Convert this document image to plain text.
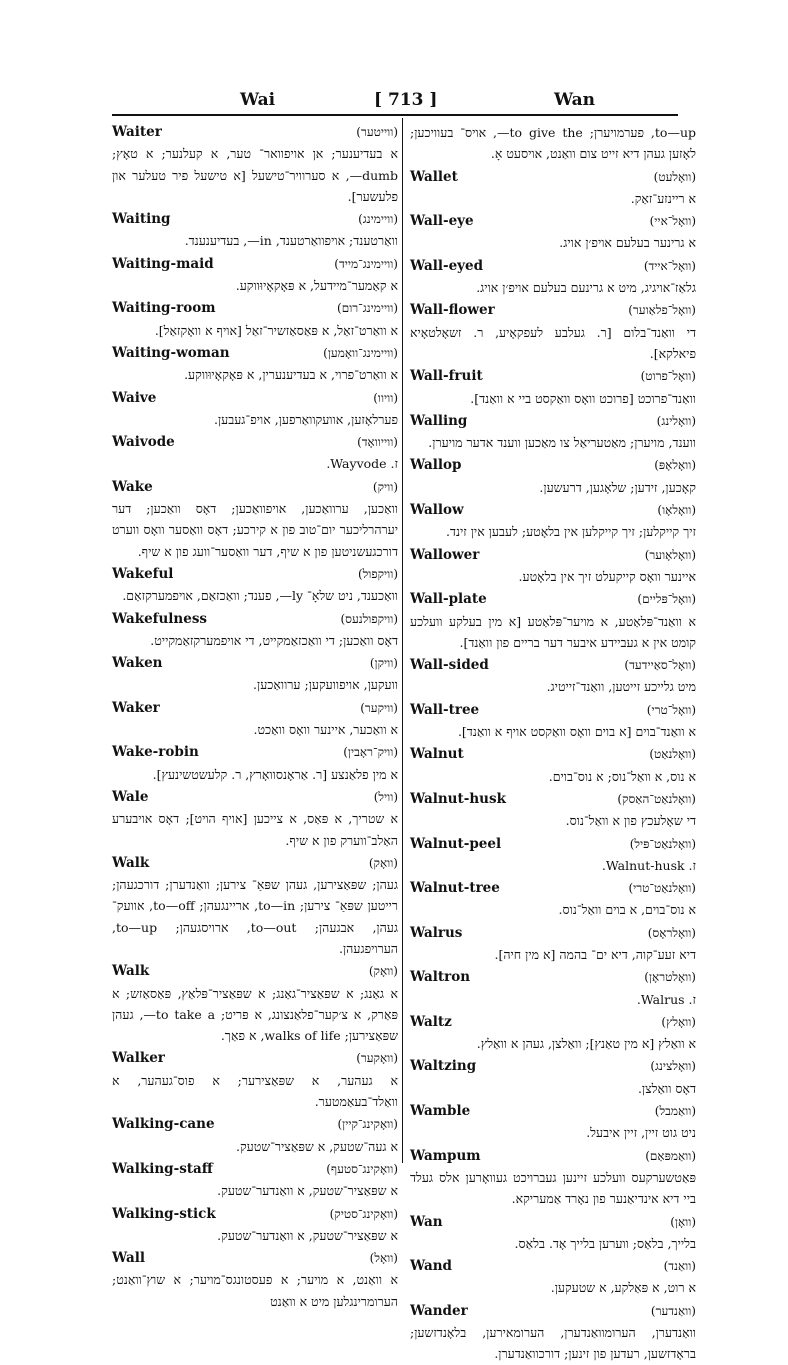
Wai	[ 713 ]	Wan
Waiter	(ווייטער)
א בעדיענער; אן אויפוואר־ טער, א קעלנער; א טאָץ; dumb—, א סערוויר־טישעל [א טישעל פיר טעלער און פלעשער].
Waiting	(וויימינג)
וואַרטענד; אויפוואַרטענד, in—, בעדיענענד.
Waiting-maid	(וויימינג־מייד)
א קאַמער־מיידעל, א פּאָקאָיוּווקע.
Waiting-room	(וויימינג־רום)
א וואַרט־זאַל, א פּאַסאַזשיר־זאַל [אויף א וואָקזאַל].
Waiting-woman	(וויימינג־וואָמען)
א וואַרט־פרוי, א בעדיענערין, א פּאָקאָיוּווקע.
Waive	(וויוו)
פערלאָזען, אוועקוואַרפען, אויפ־געבען.
Waivode	(ווייוואָד)
ז. Wayvode.
Wake	(וויק)
וואַכען, ערוואַכען, אויפוואַכען; דאָס וואַכען; דער יערהרליכער יום־טוב פון א קירכע; דאָס וואַסער וואָס ווערט דורכגעשניטען פון א שיף, דער וואַסער־וועג פון א שיף.
Wakeful	(וויקפול)
וואַכענד, ניט שלאָ־ ly—, פענד; וואַכזאַם, אויפמערקזאַם.
Wakefulness	(וויקפולנעס)
דאָס וואַכען; די וואַכזאַמקייט, די אויפמערקזאַמקייט.
Waken	(וויקן)
וועקען, אויפוועקען; ערוואַכען.
Waker	(וויקער)
א וואַכער, איינער וואָס וואַכט.
Wake-robin	(וויק־ראָבין)
א מין פלאַנצע [ר. אַראָנסוואָרץ, ר. קלעשטשינעץ].
Wale	(וויל)
א שטריך, א פּאַס, א צייכען [אויף הויט]; דאָס אויבערע האַלב־ווערק פון א שיף.
Walk	(וואָק)
געהן; שפּאַצירען, געהן שפּאַ־ צירען; וואַנדערן; דורכגעהן; רייטען שפּאַ־ צירען; to—in, אריינגעהן; to—off, אוועק־ געהן, אבגעהן; to—out, ארויסגעהן; to—up, הערויפגעהן.
Walk	(וואָק)
א גאַנג; א שפּאַציר־גאַנג; א שפּאַציר־פּלאַץ, פּאַסאַזש; א פּאַרק, א צ׳קער־פלאַנצונג, א פּריט; to take a—, געהן שפּאַצירען; walks of life, א פאַך.
Walker	(וואָקער)
א געהער, א שפּאַצירער; א פוס־געהער, א וואַלד־בעאַמטער.
Walking-cane	(וואָקינג־קיין)
א געה־שטעק, א שפּאַציר־שטעק.
Walking-staff	(וואָקינג־סטעף)
א שפּאַציר־שטעק, א וואַנדער־שטעק.
Walking-stick	(וואָקינג־סטיק)
א שפּאַציר־שטעק, א וואַנדער־שטעק.
Wall	(וואָל)
א וואַנט, א מויער; א פעסטונגס־מויער; א שוץ־וואַנט; הערומרינגלען מיט א וואַנט
to—up, פערמויערן; to give the—, אויס־ בעוויכען; לאָזען געהן דיא זייט צום וואַנט, אויסעט אָ.
Wallet	(וואָלעט)
א ריינזע־זאַק.
Wall-eye	(וואָל־איי)
א גרינער בעלעם אויפ׳ן אויג.
Wall-eyed	(וואָל־אייד)
גלאַז־אויגיג, מיט א גרינעם בעלעם אויפ׳ן אויג.
Wall-flower	(וואָל־פלאַוער)
די וואַנד־בלום [ר. געלבע לעפקאָיע, ר. זשאָלטאָיא פיאלקא].
Wall-fruit	(וואָל־פרוט)
וואַנד־פרוכט [פרוכט וואָס וואַקסט ביי א וואַנד].
Walling	(וואָלינג)
ווענד, מויערן; מאַטעריאַל צו מאַכען ווענד אדער מויערן.
Wallop	(וואָלאָפּ)
קאָכען, זידען; שלאָגען, דרעשען.
Wallow	(וואָלאָו)
זיך קייקלען; זיך קייקלען אין בלאָטע; לעבען אין זינד.
Wallower	(וואָלאָוער)
איינער וואָס קייקעלט זיך אין בלאָטע.
Wall-plate	(וואָל־פּליים)
א וואַנד־פּלאַטע, א מויער־פּלאַטע [א מין בעלקע וועלכע קומט אין א געביידע איבער דער בריים פון וואַנד].
Wall-sided	(וואָל־סאַיידעד)
מיט גלייכע זייטען, וואַנד־זייטיג.
Wall-tree	(וואָל־טרי)
א וואַנד־בוים [א בוים וואָס וואַקסט אויף א וואַנד].
Walnut	(וואָלנאַט)
א נוס, א וואַל־נוס; א נוס־בוים.
Walnut-husk	(וואָלנאַט־האַסק)
די שאָלעכץ פון א וואַל־נוס.
Walnut-peel	(וואָלנאַט־פּיל)
ז. Walnut-husk.
Walnut-tree	(וואָלנאַט־טרי)
א נוס־בוים, א בוים וואַל־נוס.
Walrus	(וואָלראָס)
דיא זעע־קוה, דיא ים־ בהמה [א מין חיה].
Waltron	(וואָלטראָן)
ז. Walrus.
Waltz	(וואָלץ)
א וואַלץ [א מין טאַנץ]; וואַלצן, געהן א וואַלץ.
Waltzing	(וואָלצינג)
דאָס וואַלצן.
Wamble	(וואַמבל)
ניט גוט זיין, זיין איבעל.
Wampum	(וואַמפּאַם)
פּאַטשערקעס וועלכע זיינען געברויכט געוואָרען אלס געלד ביי דיא אינדיאַנער פון נאָרד אַמעריקא.
Wan	(וואָן)
בלייך, בלאַס; ווערען בלייך אָד. בלאַס.
Wand	(וואַנד)
א רוט, א פּאַלקע, א שטעקען.
Wander	(וואַנדער)
וואַנדערן, הערומוואַנדערן, הערומאירען, בלאָנדזשען; בראָדזשען, רעדען פון זינען; דורכוואַנדערן.
